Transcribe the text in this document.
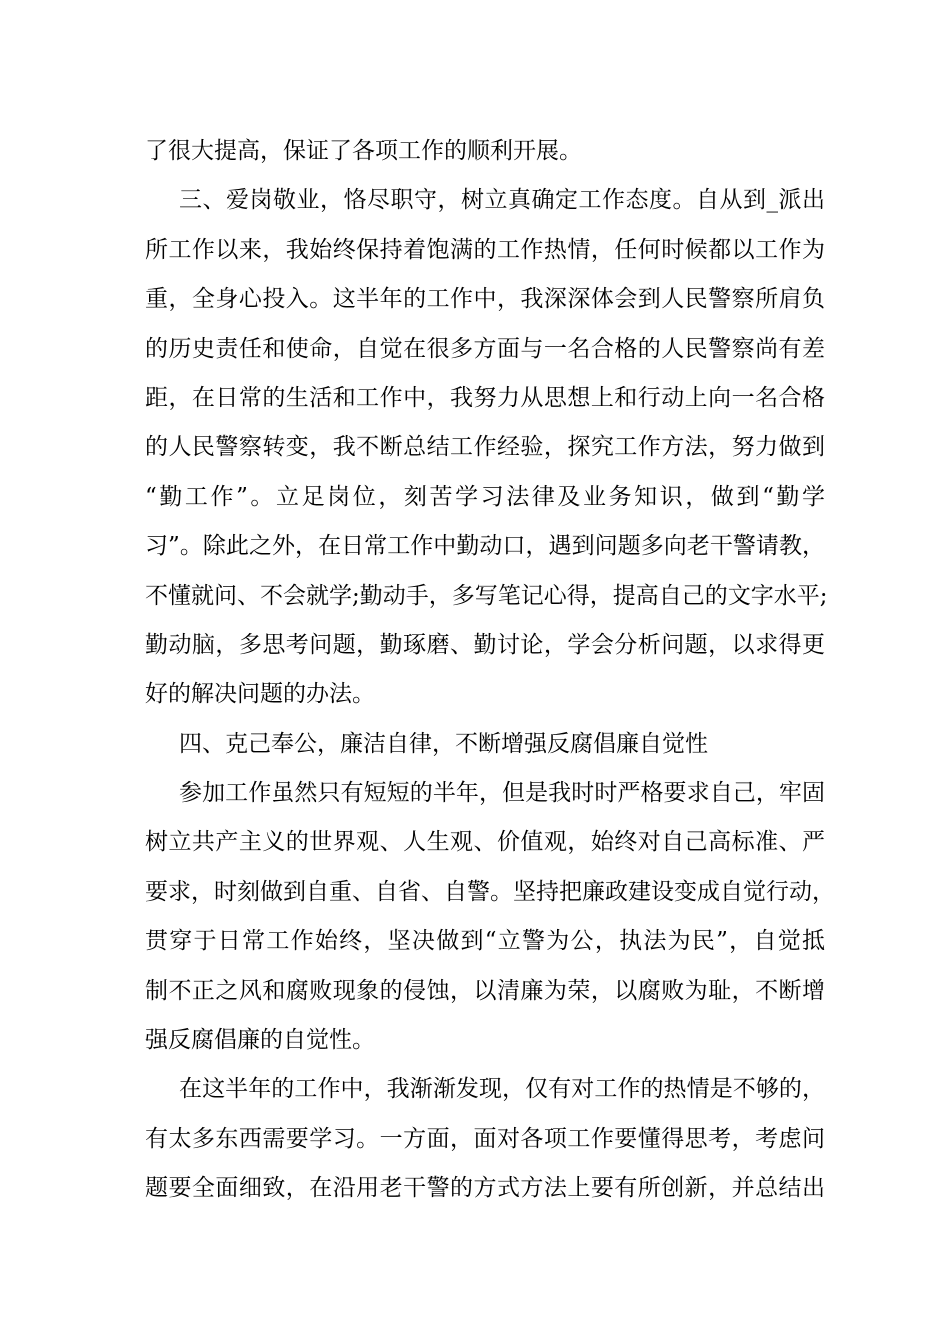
了很大提高，保证了各项工作的顺利开展。
三、爱岗敬业，恪尽职守，树立真确定工作态度。自从到_派出
所工作以来，我始终保持着饱满的工作热情，任何时候都以工作为
重，全身心投入。这半年的工作中，我深深体会到人民警察所肩负
的历史责任和使命，自觉在很多方面与一名合格的人民警察尚有差
距，在日常的生活和工作中，我努力从思想上和行动上向一名合格
的人民警察转变，我不断总结工作经验，探究工作方法，努力做到
“勤工作”。立足岗位，刻苦学习法律及业务知识，做到“勤学
习”。除此之外，在日常工作中勤动口，遇到问题多向老干警请教，
不懂就问、不会就学;勤动手，多写笔记心得，提高自己的文字水平;
勤动脑，多思考问题，勤琢磨、勤讨论，学会分析问题，以求得更
好的解决问题的办法。
四、克己奉公，廉洁自律，不断增强反腐倡廉自觉性
参加工作虽然只有短短的半年，但是我时时严格要求自己，牢固
树立共产主义的世界观、人生观、价值观，始终对自己高标准、严
要求，时刻做到自重、自省、自警。坚持把廉政建设变成自觉行动，
贯穿于日常工作始终，坚决做到“立警为公，执法为民”，自觉抵
制不正之风和腐败现象的侵蚀，以清廉为荣，以腐败为耻，不断增
强反腐倡廉的自觉性。
在这半年的工作中，我渐渐发现，仅有对工作的热情是不够的，
有太多东西需要学习。一方面，面对各项工作要懂得思考，考虑问
题要全面细致，在沿用老干警的方式方法上要有所创新，并总结出
